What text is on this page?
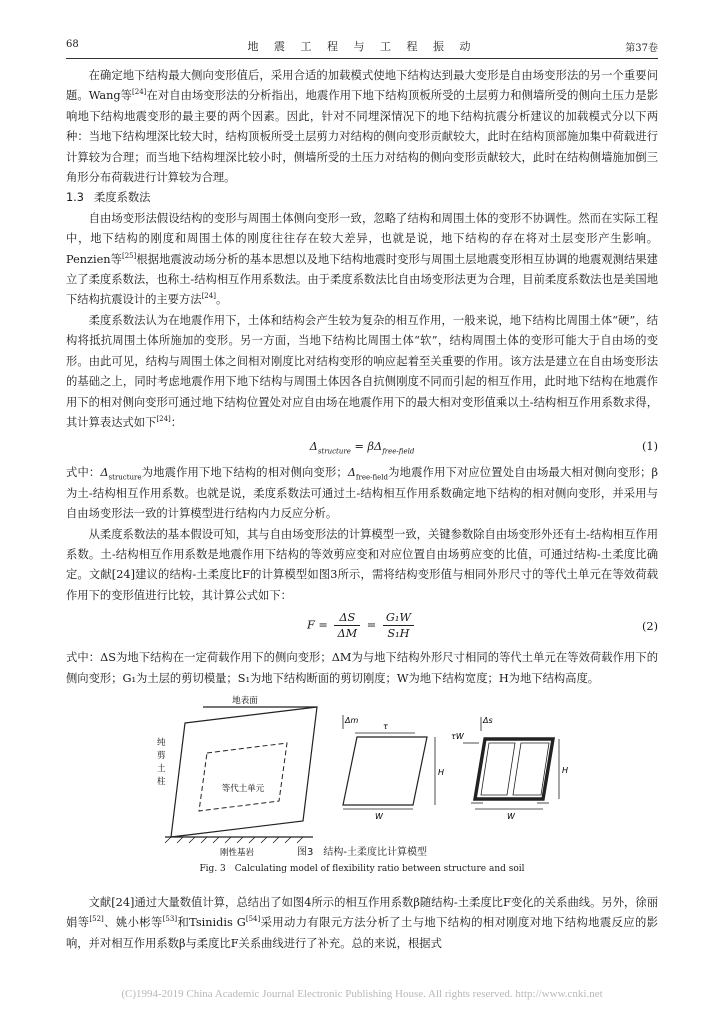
68	地 震 工 程 与 工 程 振 动	第37卷

在确定地下结构最大侧向变形值后，采用合适的加载模式使地下结构达到最大变形是自由场变形法的另一个重要问题。Wang等[24]在对自由场变形法的分析指出，地震作用下地下结构顶板所受的土层剪力和侧墙所受的侧向土压力是影响地下结构地震变形的最主要的两个因素。因此，针对不同埋深情况下的地下结构抗震分析建议的加载模式分以下两种：当地下结构埋深比较大时，结构顶板所受土层剪力对结构的侧向变形贡献较大，此时在结构顶部施加集中荷载进行计算较为合理；而当地下结构埋深比较小时，侧墙所受的土压力对结构的侧向变形贡献较大，此时在结构侧墙施加倒三角形分布荷载进行计算较为合理。

1.3 柔度系数法

自由场变形法假设结构的变形与周围土体侧向变形一致，忽略了结构和周围土体的变形不协调性。然而在实际工程中，地下结构的刚度和周围土体的刚度往往存在较大差异，也就是说，地下结构的存在将对土层变形产生影响。Penzien等[25]根据地震波动场分析的基本思想以及地下结构地震时变形与周围土层地震变形相互协调的地震观测结果建立了柔度系数法，也称土-结构相互作用系数法。由于柔度系数法比自由场变形法更为合理，目前柔度系数法也是美国地下结构抗震设计的主要方法[24]。

柔度系数法认为在地震作用下，土体和结构会产生较为复杂的相互作用，一般来说，地下结构比周围土体“硬”，结构将抵抗周围土体所施加的变形。另一方面，当地下结构比周围土体“软”，结构周围土体的变形可能大于自由场的变形。由此可见，结构与周围土体之间相对刚度比对结构变形的响应起着至关重要的作用。该方法是建立在自由场变形法的基础之上，同时考虑地震作用下地下结构与周围土体因各自抗侧刚度不同而引起的相互作用，此时地下结构在地震作用下的相对侧向变形可通过地下结构位置处对应自由场在地震作用下的最大相对变形值乘以土-结构相互作用系数求得，其计算表达式如下[24]：

$\Delta_{structure} = \beta\Delta_{free-field}$	(1)

式中：$\Delta_{structure}$为地震作用下地下结构的相对侧向变形；$\Delta_{free-field}$为地震作用下对应位置处自由场最大相对侧向变形；β为土-结构相互作用系数。也就是说，柔度系数法可通过土-结构相互作用系数确定地下结构的相对侧向变形，并采用与自由场变形法一致的计算模型进行结构内力反应分析。

从柔度系数法的基本假设可知，其与自由场变形法的计算模型一致，关键参数除自由场变形外还有土-结构相互作用系数。土-结构相互作用系数是地震作用下结构的等效剪应变和对应位置自由场剪应变的比值，可通过结构-土柔度比确定。文献[24]建议的结构-土柔度比F的计算模型如图3所示，需将结构变形值与相同外形尺寸的等代土单元在等效荷载作用下的变形值进行比较，其计算公式如下：

$F = \frac{\Delta S}{\Delta M} = \frac{\text{G₁W}}{\text{S₁H}}$	(2)

式中：ΔS为地下结构在一定荷载作用下的侧向变形；ΔM为与地下结构外形尺寸相同的等代土单元在等效荷载作用下的侧向变形；G₁为土层的剪切模量；S₁为地下结构断面的剪切刚度；W为地下结构宽度；H为地下结构高度。

地表面
等代土单元
纯
剪
土
柱
刚性基岩
Δm
τ
W
H
Δs
τW
W
H
图3　结构-土柔度比计算模型
Fig. 3　Calculating model of flexibility ratio between structure and soil

文献[24]通过大量数值计算，总结出了如图4所示的相互作用系数β随结构-土柔度比F变化的关系曲线。另外，徐丽娟等[52]、姚小彬等[53]和Tsinidis G[54]采用动力有限元方法分析了土与地下结构的相对刚度对地下结构地震反应的影响，并对相互作用系数β与柔度比F关系曲线进行了补充。总的来说，根据式

(C)1994-2019 China Academic Journal Electronic Publishing House. All rights reserved. http://www.cnki.net
